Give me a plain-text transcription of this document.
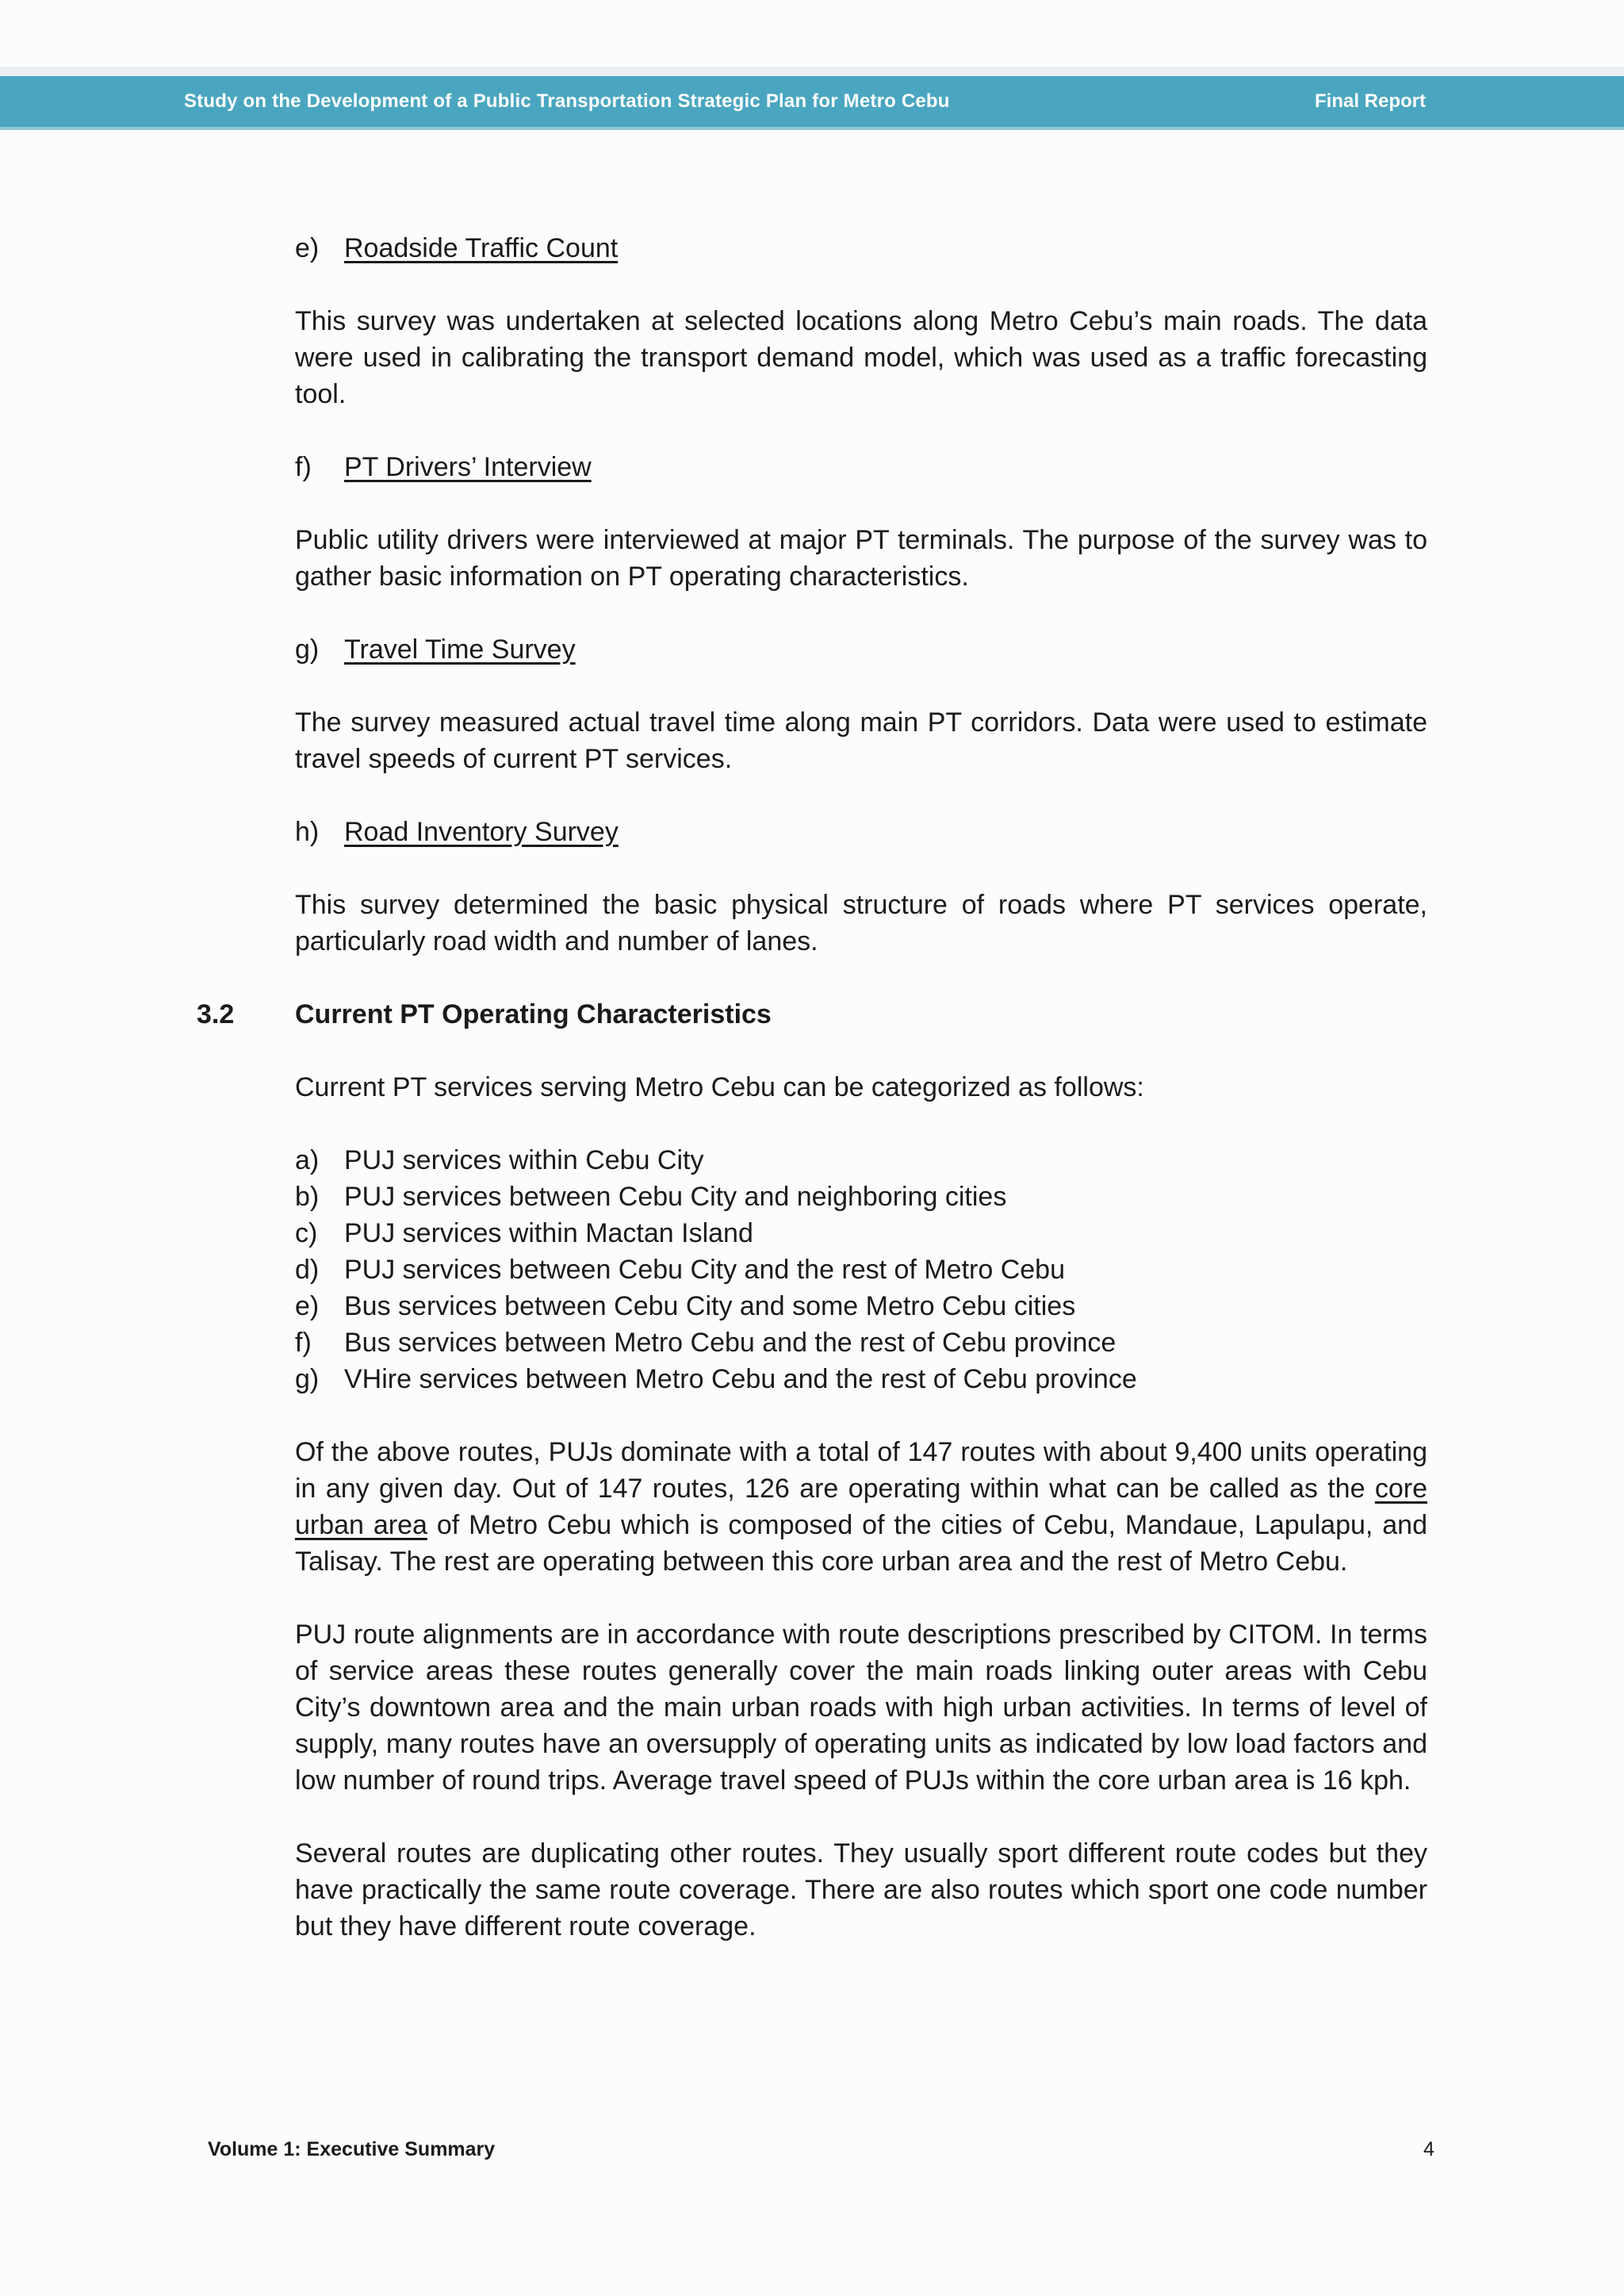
Study on the Development of a Public Transportation Strategic Plan for Metro Cebu	Final Report
e) Roadside Traffic Count

This survey was undertaken at selected locations along Metro Cebu’s main roads. The data were used in calibrating the transport demand model, which was used as a traffic forecasting tool.

f)	PT Drivers’ Interview

Public utility drivers were interviewed at major PT terminals. The purpose of the survey was to gather basic information on PT operating characteristics.

g) Travel Time Survey

The survey measured actual travel time along main PT corridors. Data were used to estimate travel speeds of current PT services.

h) Road Inventory Survey

This survey determined the basic physical structure of roads where PT services operate, particularly road width and number of lanes.

3.2 Current PT Operating Characteristics

Current PT services serving Metro Cebu can be categorized as follows:

a) PUJ services within Cebu City
b) PUJ services between Cebu City and neighboring cities
c) PUJ services within Mactan Island
d) PUJ services between Cebu City and the rest of Metro Cebu
e) Bus services between Cebu City and some Metro Cebu cities
f)	Bus services between Metro Cebu and the rest of Cebu province
g) VHire services between Metro Cebu and the rest of Cebu province

Of the above routes, PUJs dominate with a total of 147 routes with about 9,400 units operating in any given day. Out of 147 routes, 126 are operating within what can be called as the core urban area of Metro Cebu which is composed of the cities of Cebu, Mandaue, Lapulapu, and Talisay. The rest are operating between this core urban area and the rest of Metro Cebu.

PUJ route alignments are in accordance with route descriptions prescribed by CITOM. In terms of service areas these routes generally cover the main roads linking outer areas with Cebu City’s downtown area and the main urban roads with high urban activities. In terms of level of supply, many routes have an oversupply of operating units as indicated by low load factors and low number of round trips. Average travel speed of PUJs within the core urban area is 16 kph.

Several routes are duplicating other routes. They usually sport different route codes but they have practically the same route coverage. There are also routes which sport one code number but they have different route coverage.

Volume 1: Executive Summary	4
